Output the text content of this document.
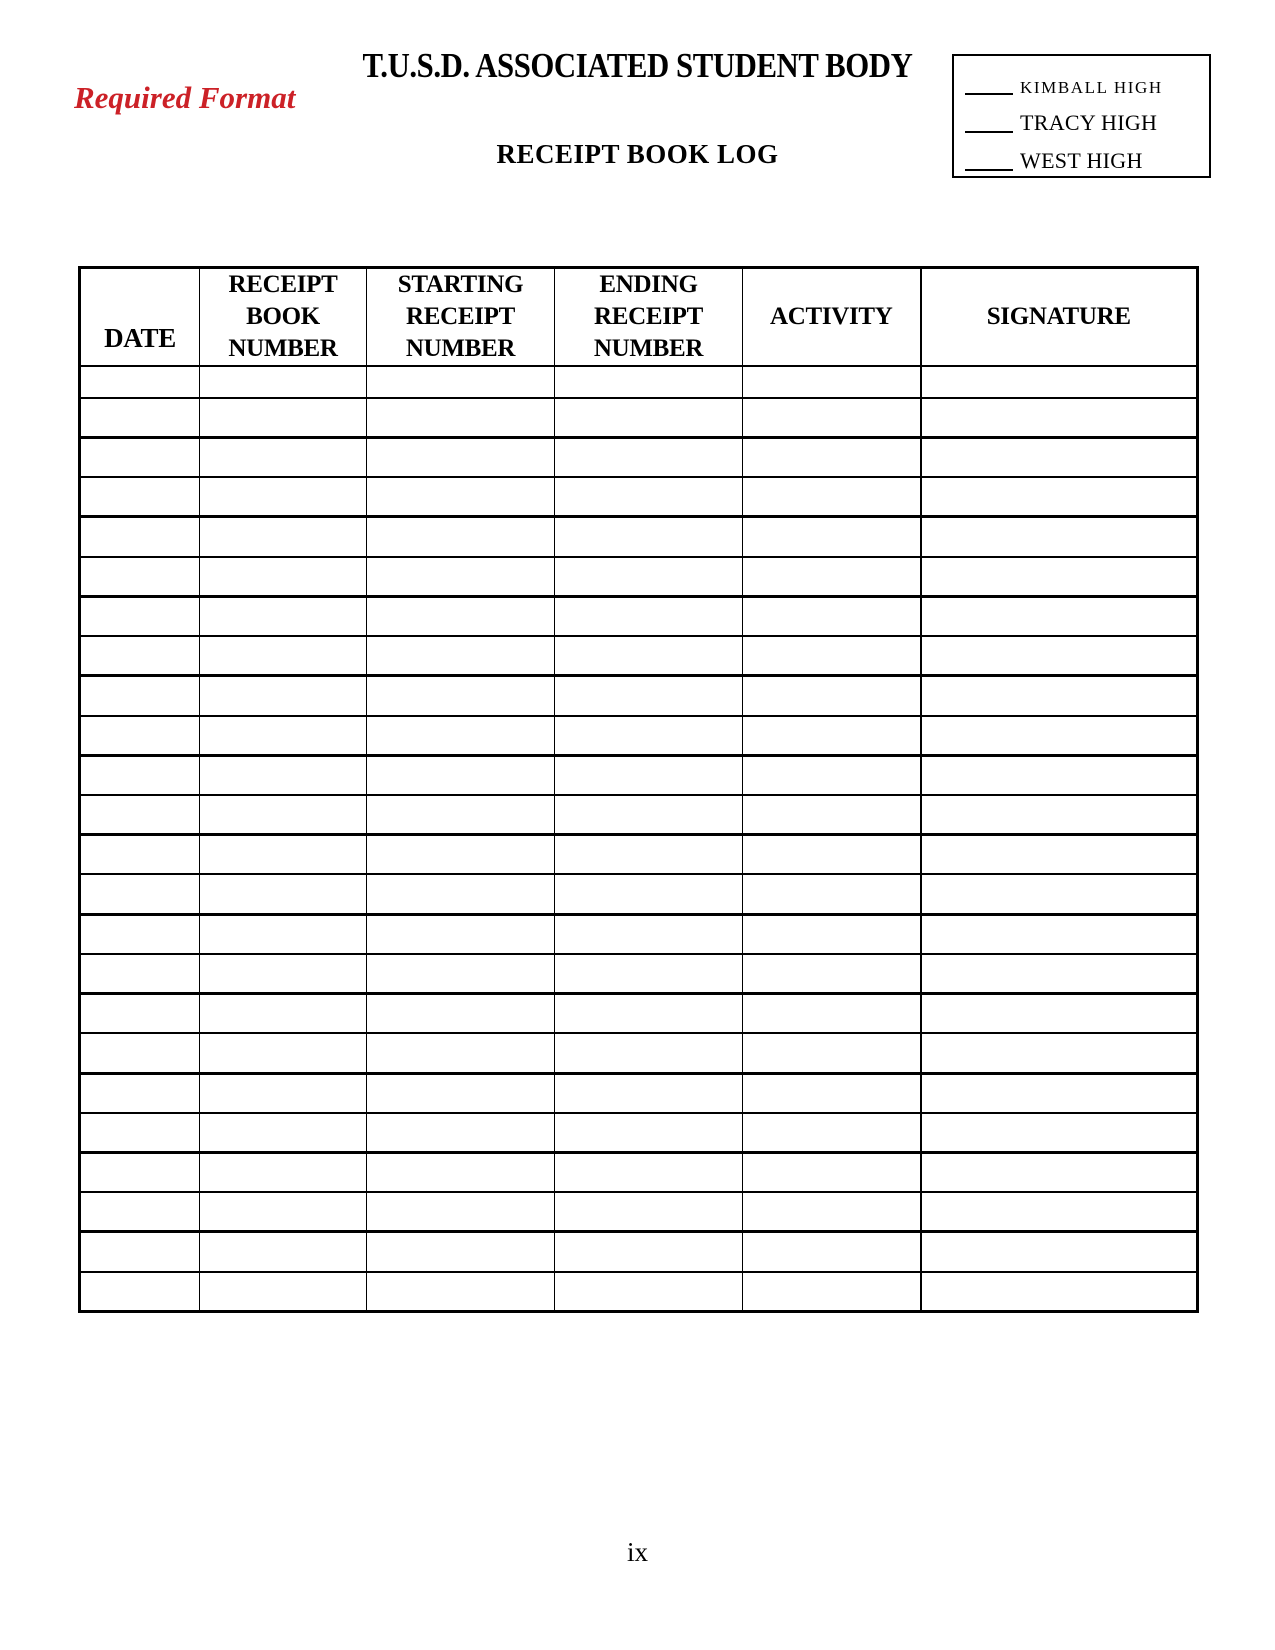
T.U.S.D. ASSOCIATED STUDENT BODY
Required Format
RECEIPT BOOK LOG
KIMBALL HIGH
TRACY HIGH
WEST HIGH
DATE	RECEIPT BOOK NUMBER	STARTING RECEIPT NUMBER	ENDING RECEIPT NUMBER	ACTIVITY	SIGNATURE

ix
